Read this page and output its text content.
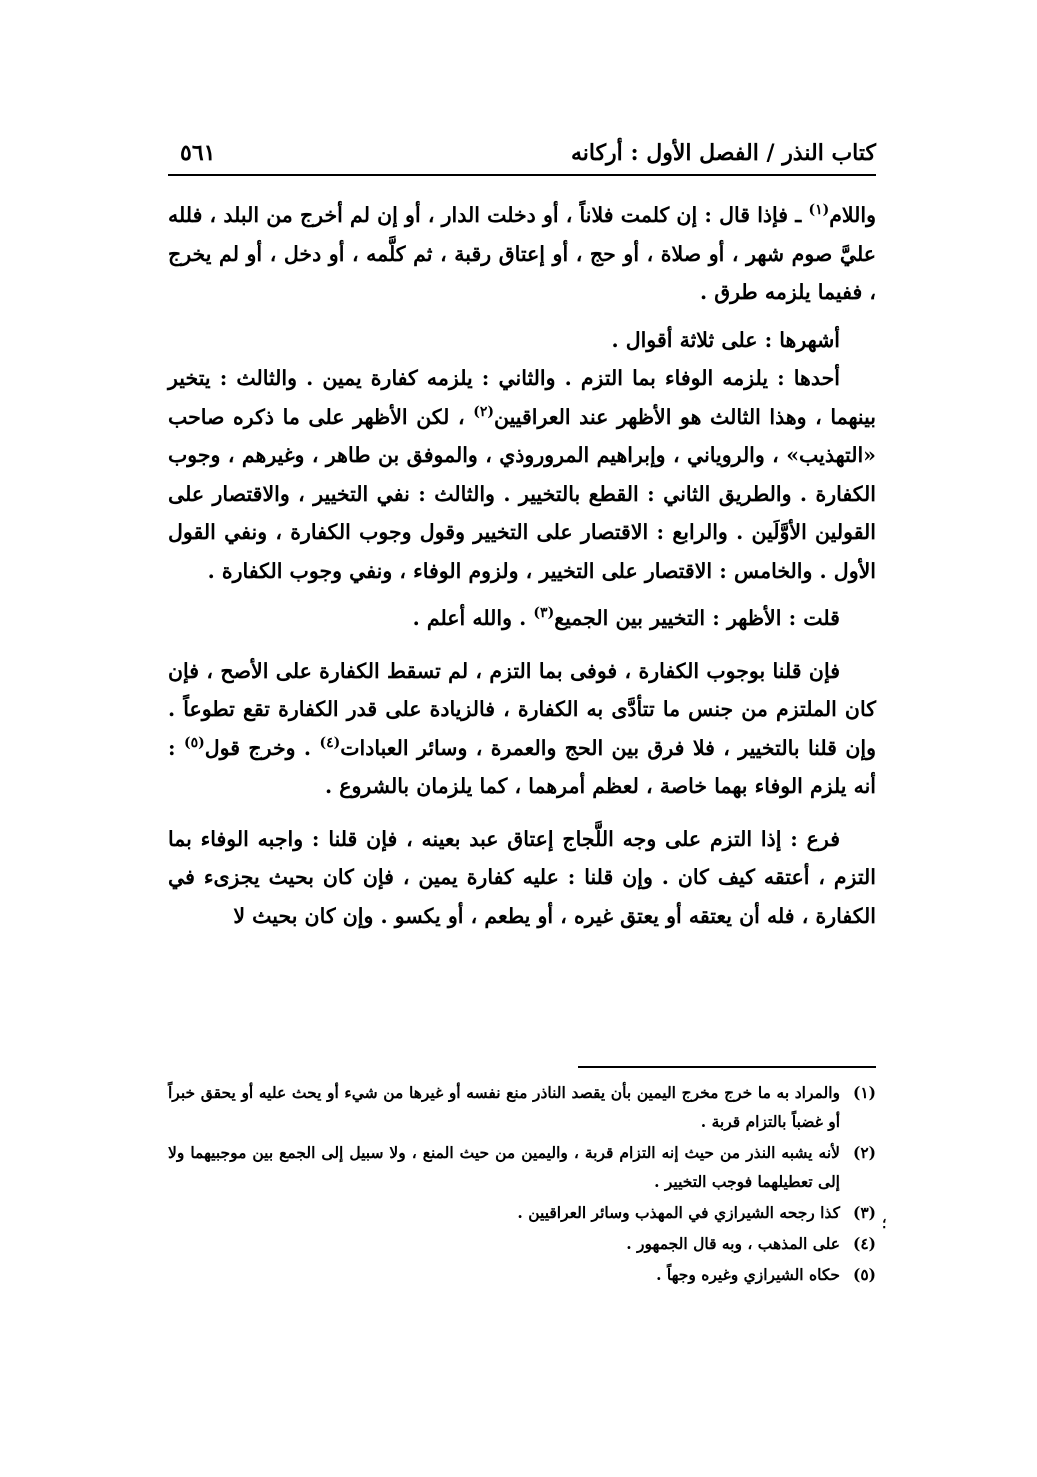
كتاب النذر / الفصل الأول : أركانه
٥٦١

واللام$^{(١)}$ ـ فإذا قال : إن كلمت فلاناً ، أو دخلت الدار ، أو إن لم أخرج من البلد ، فلله عليَّ صوم شهر ، أو صلاة ، أو حج ، أو إعتاق رقبة ، ثم كلَّمه ، أو دخل ، أو لم يخرج ، ففيما يلزمه طرق .

أشهرها : على ثلاثة أقوال .

أحدها : يلزمه الوفاء بما التزم . والثاني : يلزمه كفارة يمين . والثالث : يتخير بينهما ، وهذا الثالث هو الأظهر عند العراقيين$^{(٢)}$ ، لكن الأظهر على ما ذكره صاحب «التهذيب» ، والروياني ، وإبراهيم المروروذي ، والموفق بن طاهر ، وغيرهم ، وجوب الكفارة . والطريق الثاني : القطع بالتخيير . والثالث : نفي التخيير ، والاقتصار على القولين الأوَّلَين . والرابع : الاقتصار على التخيير وقول وجوب الكفارة ، ونفي القول الأول . والخامس : الاقتصار على التخيير ، ولزوم الوفاء ، ونفي وجوب الكفارة .

قلت : الأظهر : التخيير بين الجميع$^{(٣)}$ . والله أعلم .

فإن قلنا بوجوب الكفارة ، فوفى بما التزم ، لم تسقط الكفارة على الأصح ، فإن كان الملتزم من جنس ما تتأدَّى به الكفارة ، فالزيادة على قدر الكفارة تقع تطوعاً . وإن قلنا بالتخيير ، فلا فرق بين الحج والعمرة ، وسائر العبادات$^{(٤)}$ . وخرج قول$^{(٥)}$ : أنه يلزم الوفاء بهما خاصة ، لعظم أمرهما ، كما يلزمان بالشروع .

فرع : إذا التزم على وجه اللَّجاج إعتاق عبد بعينه ، فإن قلنا : واجبه الوفاء بما التزم ، أعتقه كيف كان . وإن قلنا : عليه كفارة يمين ، فإن كان بحيث يجزىء في الكفارة ، فله أن يعتقه أو يعتق غيره ، أو يطعم ، أو يكسو . وإن كان بحيث لا

(١)
والمراد به ما خرج مخرج اليمين بأن يقصد الناذر منع نفسه أو غيرها من شيء أو يحث عليه أو يحقق خبراً أو غضباً بالتزام قربة .
(٢)
لأنه يشبه النذر من حيث إنه التزام قربة ، واليمين من حيث المنع ، ولا سبيل إلى الجمع بين موجبيهما ولا إلى تعطيلهما فوجب التخيير .
(٣)
كذا رجحه الشيرازي في المهذب وسائر العراقيين .
(٤)
على المذهب ، وبه قال الجمهور .
(٥)
حكاه الشيرازي وغيره وجهاً .
؛
